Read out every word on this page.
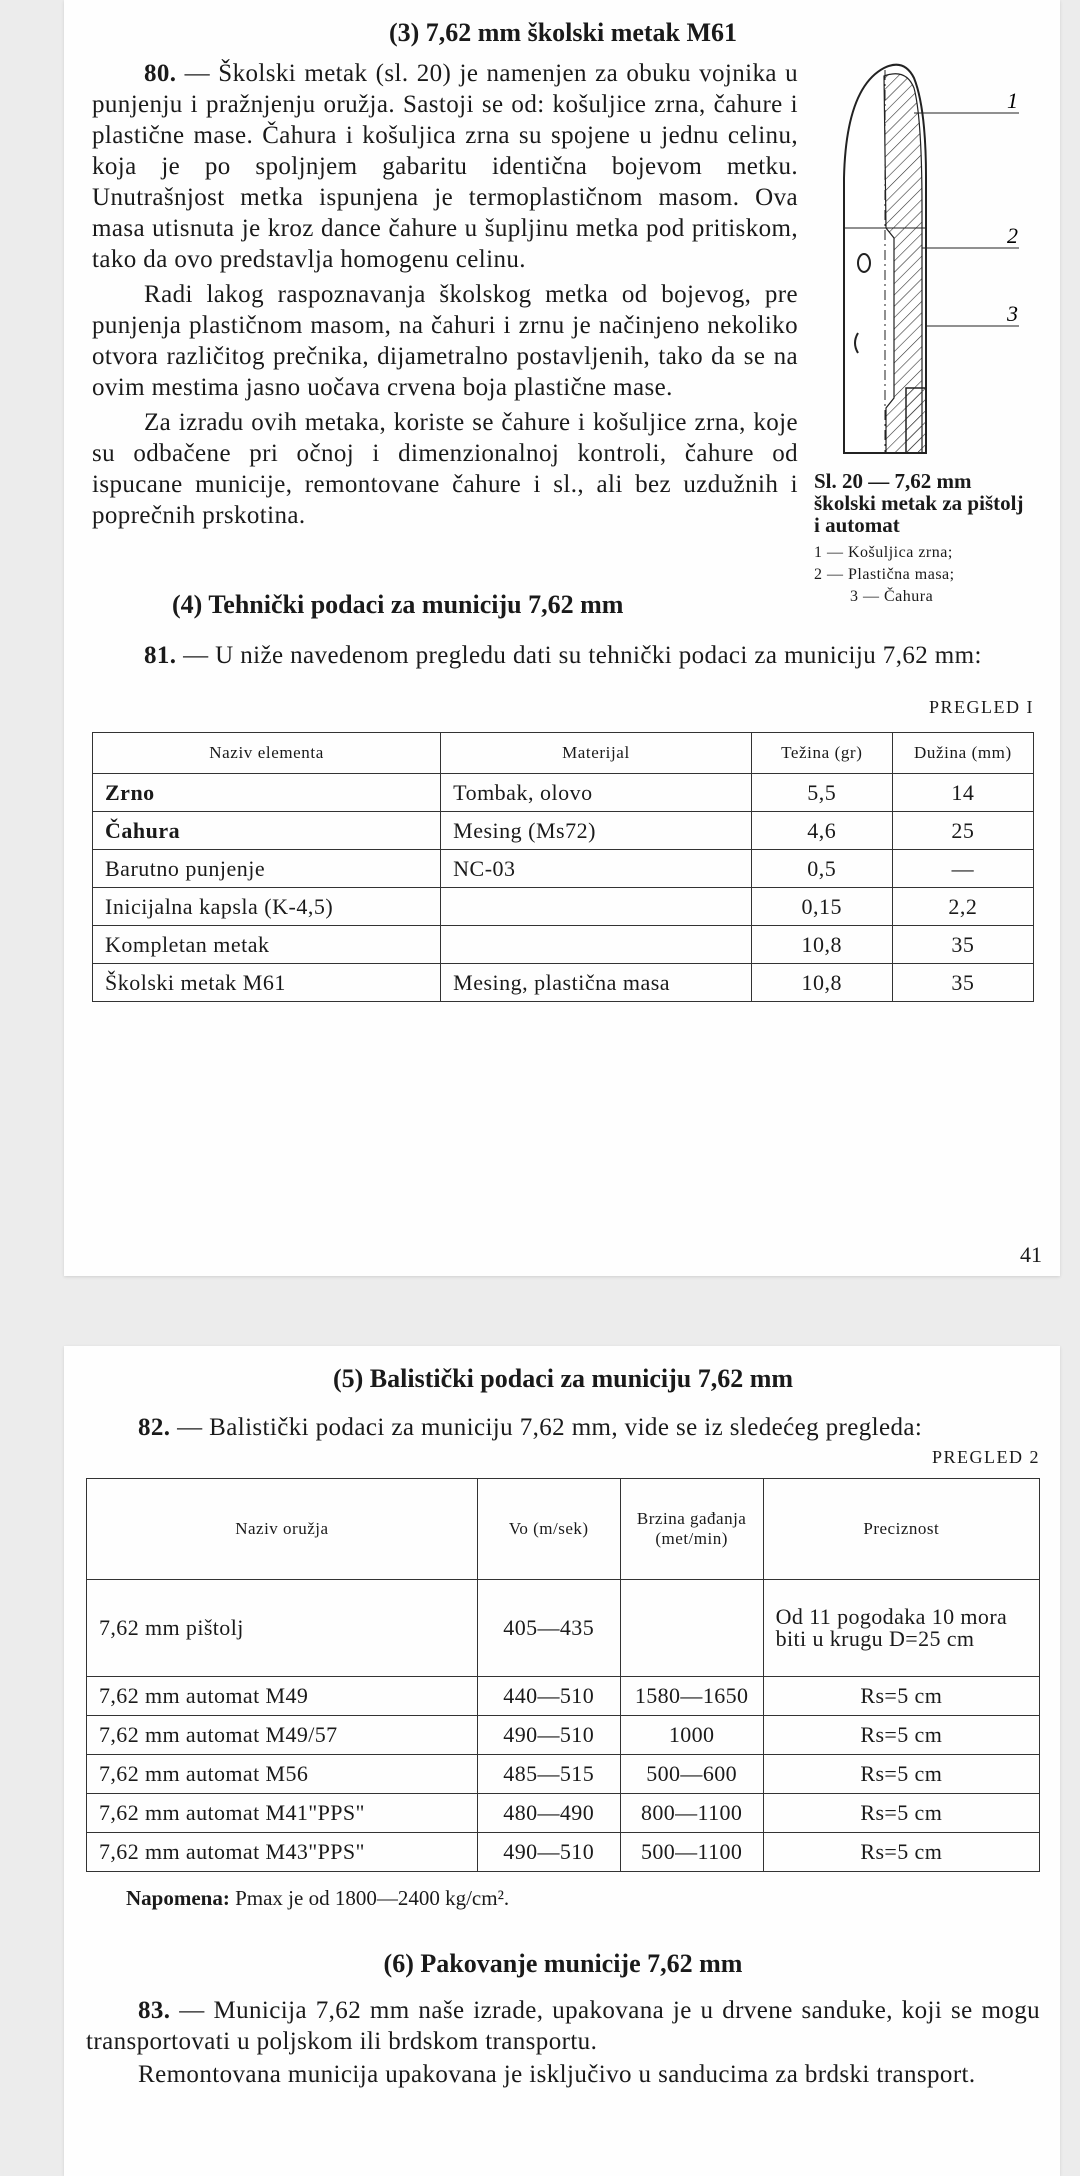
(3) 7,62 mm školski metak M61

80. — Školski metak (sl. 20) je namenjen za obuku vojnika u punjenju i pražnjenju oružja. Sastoji se od: košuljice zrna, čahure i plastične mase. Čahura i košuljica zrna su spojene u jednu celinu, koja je po spoljnjem gabaritu identična bojevom metku. Unutrašnjost metka ispunjena je termoplastičnom masom. Ova masa utisnuta je kroz dance čahure u šupljinu metka pod pritiskom, tako da ovo predstavlja homogenu celinu.

Radi lakog raspoznavanja školskog metka od bojevog, pre punjenja plastičnom masom, na čahuri i zrnu je načinjeno nekoliko otvora različitog prečnika, dijametralno postavljenih, tako da se na ovim mestima jasno uočava crvena boja plastične mase.

Za izradu ovih metaka, koriste se čahure i košuljice zrna, koje su odbačene pri očnoj i dimenzionalnoj kontroli, čahure od ispucane municije, remontovane čahure i sl., ali bez uzdužnih i poprečnih prskotina.

1
2
3
Sl. 20 — 7,62 mm školski metak za pištolj i automat
1 — Košuljica zrna;
2 — Plastična masa;
3 — Čahura
(4) Tehnički podaci za municiju 7,62 mm

81. — U niže navedenom pregledu dati su tehnički podaci za municiju 7,62 mm:

PREGLED I
Naziv elementa	Materijal	Težina (gr)	Dužina (mm)
Zrno	Tombak, olovo	5,5	14
Čahura	Mesing (Ms72)	4,6	25
Barutno punjenje	NC-03	0,5	—
Inicijalna kapsla (K-4,5)		0,15	2,2
Kompletan metak		10,8	35
Školski metak M61	Mesing, plastična masa	10,8	35
41
(5) Balistički podaci za municiju 7,62 mm

82. — Balistički podaci za municiju 7,62 mm, vide se iz sledećeg pregleda:

PREGLED 2
Naziv oružja	Vo (m/sek)	Brzina gađanja (met/min)	Preciznost
7,62 mm pištolj	405—435		Od 11 pogodaka 10 mora biti u krugu D=25 cm
7,62 mm automat M49	440—510	1580—1650	Rs=5 cm
7,62 mm automat M49/57	490—510	1000	Rs=5 cm
7,62 mm automat M56	485—515	500—600	Rs=5 cm
7,62 mm automat M41"PPS"	480—490	800—1100	Rs=5 cm
7,62 mm automat M43"PPS"	490—510	500—1100	Rs=5 cm
Napomena: Pmax je od 1800—2400 kg/cm².
(6) Pakovanje municije 7,62 mm

83. — Municija 7,62 mm naše izrade, upakovana je u drvene sanduke, koji se mogu transportovati u poljskom ili brdskom transportu.

Remontovana municija upakovana je isključivo u sanducima za brdski transport.
